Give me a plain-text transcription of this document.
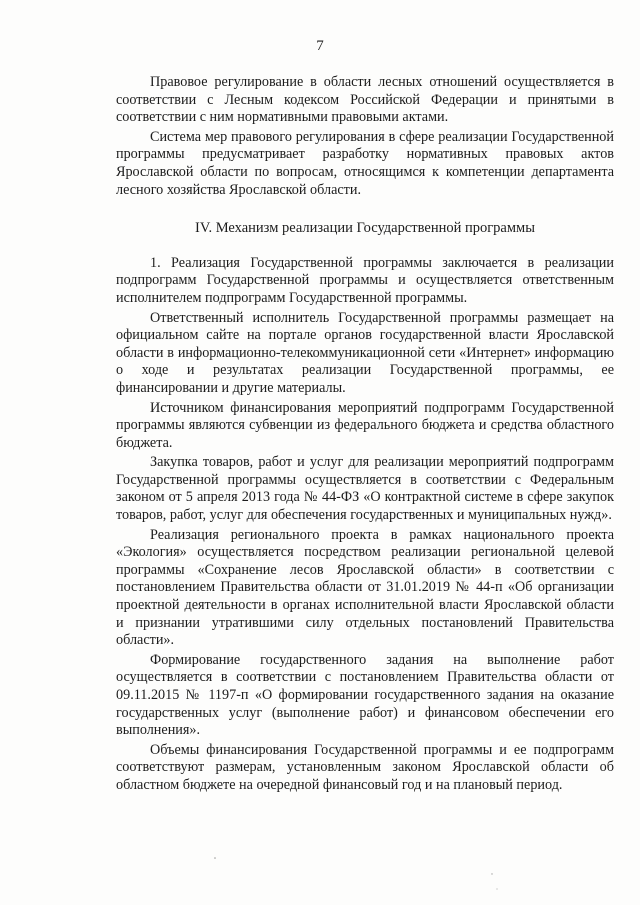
7

Правовое регулирование в области лесных отношений осуществляется в соответствии с Лесным кодексом Российской Федерации и принятыми в соответствии с ним нормативными правовыми актами.

Система мер правового регулирования в сфере реализации Государственной программы предусматривает разработку нормативных правовых актов Ярославской области по вопросам, относящимся к компетенции департамента лесного хозяйства Ярославской области.

IV. Механизм реализации Государственной программы

1. Реализация Государственной программы заключается в реализации подпрограмм Государственной программы и осуществляется ответственным исполнителем подпрограмм Государственной программы.

Ответственный исполнитель Государственной программы размещает на официальном сайте на портале органов государственной власти Ярославской области в информационно-телекоммуникационной сети «Интернет» информацию о ходе и результатах реализации Государственной программы, ее финансировании и другие материалы.

Источником финансирования мероприятий подпрограмм Государственной программы являются субвенции из федерального бюджета и средства областного бюджета.

Закупка товаров, работ и услуг для реализации мероприятий подпрограмм Государственной программы осуществляется в соответствии с Федеральным законом от 5 апреля 2013 года № 44-ФЗ «О контрактной системе в сфере закупок товаров, работ, услуг для обеспечения государственных и муниципальных нужд».

Реализация регионального проекта в рамках национального проекта «Экология» осуществляется посредством реализации региональной целевой программы «Сохранение лесов Ярославской области» в соответствии с постановлением Правительства области от 31.01.2019 № 44-п «Об организации проектной деятельности в органах исполнительной власти Ярославской области и признании утратившими силу отдельных постановлений Правительства области».

Формирование государственного задания на выполнение работ осуществляется в соответствии с постановлением Правительства области от 09.11.2015 № 1197-п «О формировании государственного задания на оказание государственных услуг (выполнение работ) и финансовом обеспечении его выполнения».

Объемы финансирования Государственной программы и ее подпрограмм соответствуют размерам, установленным законом Ярославской области об областном бюджете на очередной финансовый год и на плановый период.
